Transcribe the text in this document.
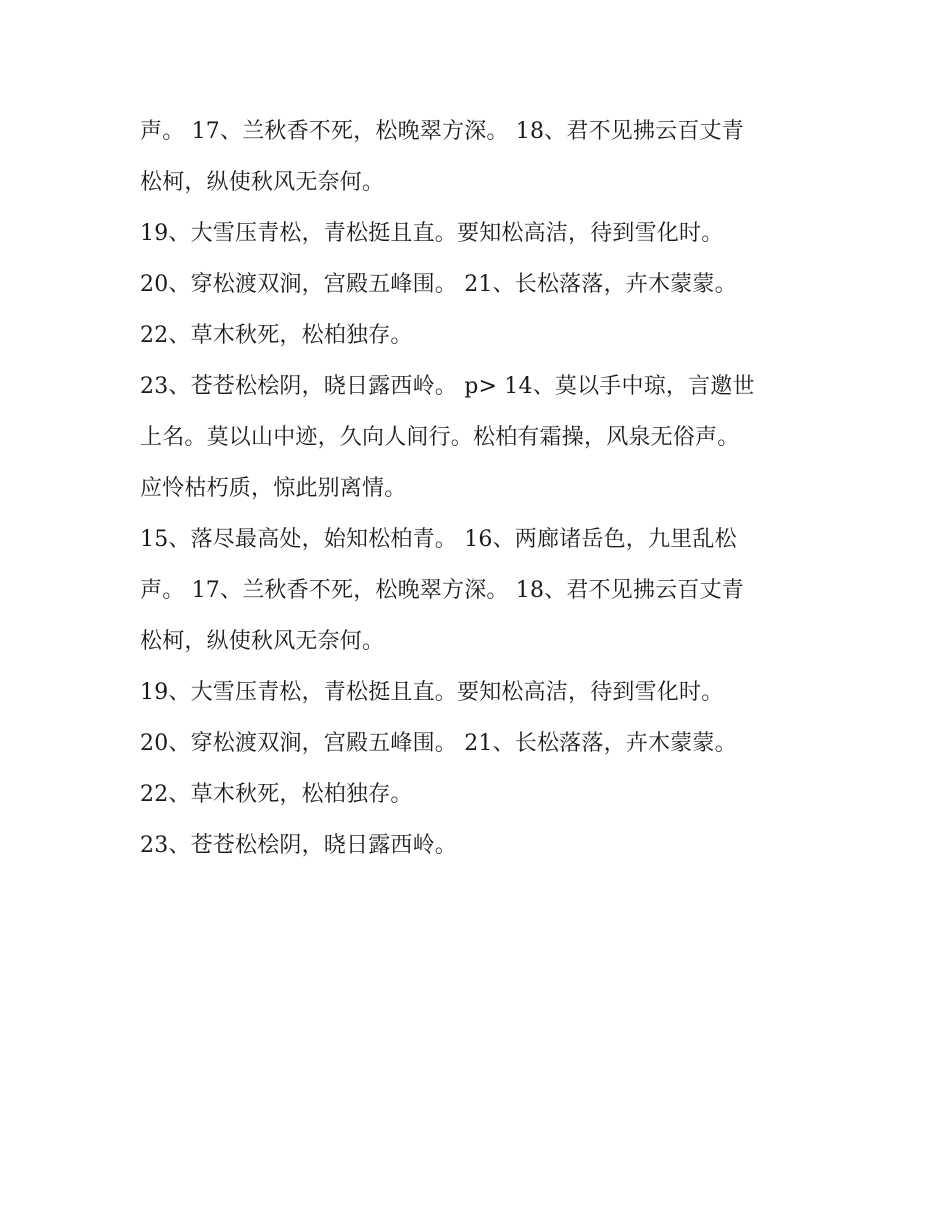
声。 17、兰秋香不死，松晚翠方深。 18、君不见拂云百丈青
松柯，纵使秋风无奈何。
19、大雪压青松，青松挺且直。要知松高洁，待到雪化时。
20、穿松渡双涧，宫殿五峰围。 21、长松落落，卉木蒙蒙。
22、草木秋死，松柏独存。
23、苍苍松桧阴，晓日露西岭。 p> 14、莫以手中琼，言邀世
上名。莫以山中迹，久向人间行。松柏有霜操，风泉无俗声。
应怜枯朽质，惊此别离情。
15、落尽最高处，始知松柏青。 16、两廊诸岳色，九里乱松
声。 17、兰秋香不死，松晚翠方深。 18、君不见拂云百丈青
松柯，纵使秋风无奈何。
19、大雪压青松，青松挺且直。要知松高洁，待到雪化时。
20、穿松渡双涧，宫殿五峰围。 21、长松落落，卉木蒙蒙。
22、草木秋死，松柏独存。
23、苍苍松桧阴，晓日露西岭。
